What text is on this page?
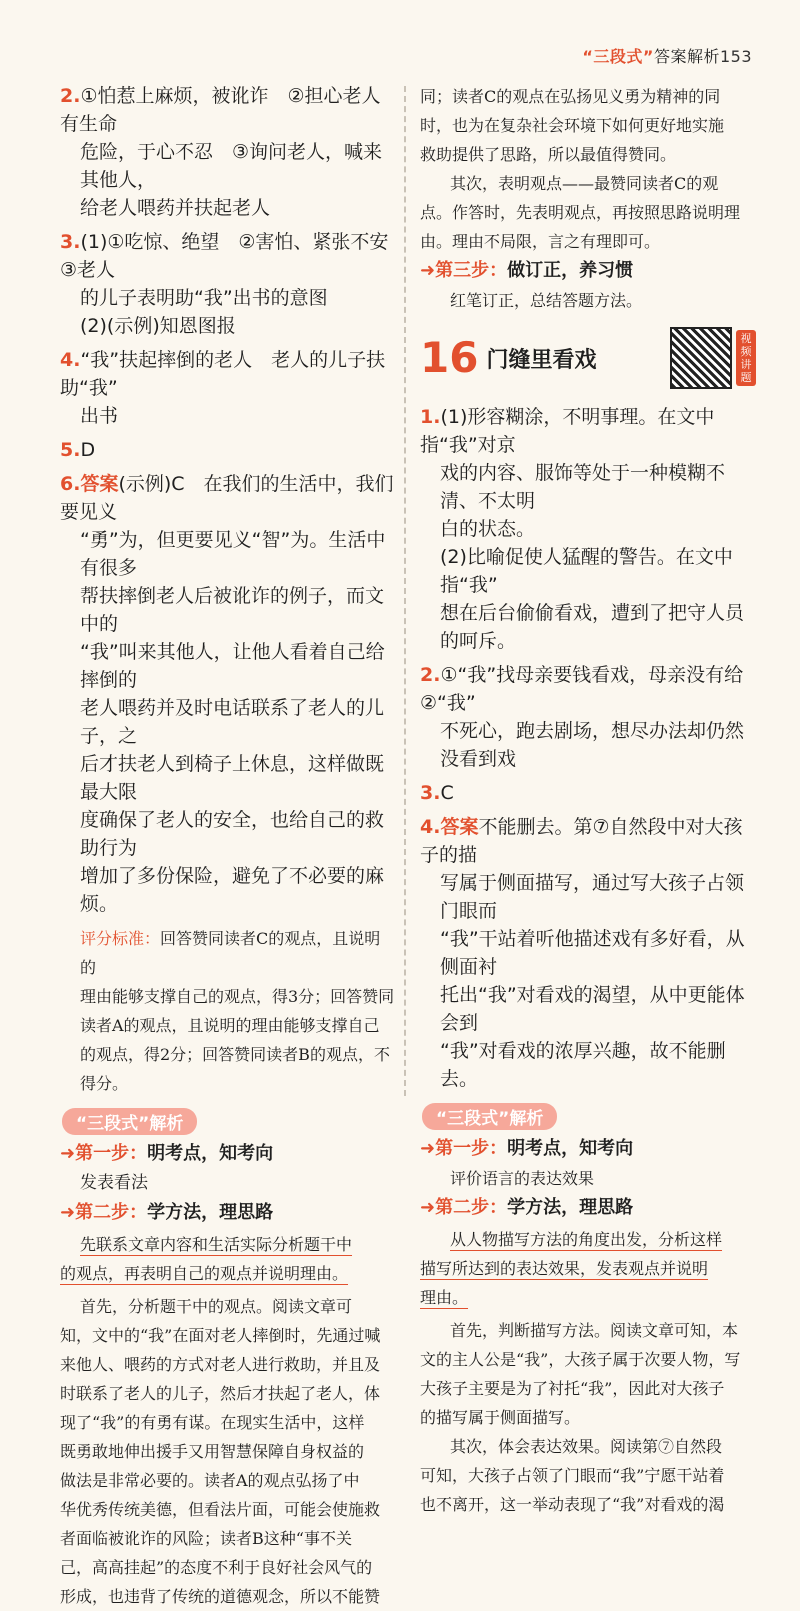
“三段式”答案解析153

2.①怕惹上麻烦，被讹诈　②担心老人有生命

危险，于心不忍　③询问老人，喊来其他人，

给老人喂药并扶起老人

3.(1)①吃惊、绝望　②害怕、紧张不安　③老人

的儿子表明助“我”出书的意图

(2)(示例)知恩图报

4.“我”扶起摔倒的老人　老人的儿子扶助“我”

出书

5.D

6.答案(示例)C　在我们的生活中，我们要见义

“勇”为，但更要见义“智”为。生活中有很多

帮扶摔倒老人后被讹诈的例子，而文中的

“我”叫来其他人，让他人看着自己给摔倒的

老人喂药并及时电话联系了老人的儿子，之

后才扶老人到椅子上休息，这样做既最大限

度确保了老人的安全，也给自己的救助行为

增加了多份保险，避免了不必要的麻烦。

评分标准：回答赞同读者C的观点，且说明的

理由能够支撑自己的观点，得3分；回答赞同

读者A的观点，且说明的理由能够支撑自己

的观点，得2分；回答赞同读者B的观点，不

得分。

“三段式”解析

➜第一步：明考点，知考向

发表看法

➜第二步：学方法，理思路

先联系文章内容和生活实际分析题干中

的观点，再表明自己的观点并说明理由。

首先，分析题干中的观点。阅读文章可

知，文中的“我”在面对老人摔倒时，先通过喊

来他人、喂药的方式对老人进行救助，并且及

时联系了老人的儿子，然后才扶起了老人，体

现了“我”的有勇有谋。在现实生活中，这样

既勇敢地伸出援手又用智慧保障自身权益的

做法是非常必要的。读者A的观点弘扬了中

华优秀传统美德，但看法片面，可能会使施救

者面临被讹诈的风险；读者B这种“事不关

己，高高挂起”的态度不利于良好社会风气的

形成，也违背了传统的道德观念，所以不能赞

同；读者C的观点在弘扬见义勇为精神的同

时，也为在复杂社会环境下如何更好地实施

救助提供了思路，所以最值得赞同。

其次，表明观点——最赞同读者C的观

点。作答时，先表明观点，再按照思路说明理

由。理由不局限，言之有理即可。

➜第三步：做订正，养习惯

红笔订正，总结答题方法。

16 门缝里看戏
视频讲题

1.(1)形容糊涂，不明事理。在文中指“我”对京

戏的内容、服饰等处于一种模糊不清、不太明

白的状态。

(2)比喻促使人猛醒的警告。在文中指“我”

想在后台偷偷看戏，遭到了把守人员的呵斥。

2.①“我”找母亲要钱看戏，母亲没有给　②“我”

不死心，跑去剧场，想尽办法却仍然没看到戏

3.C

4.答案不能删去。第⑦自然段中对大孩子的描

写属于侧面描写，通过写大孩子占领门眼而

“我”干站着听他描述戏有多好看，从侧面衬

托出“我”对看戏的渴望，从中更能体会到

“我”对看戏的浓厚兴趣，故不能删去。

“三段式”解析

➜第一步：明考点，知考向

评价语言的表达效果

➜第二步：学方法，理思路

从人物描写方法的角度出发，分析这样

描写所达到的表达效果，发表观点并说明

理由。

首先，判断描写方法。阅读文章可知，本

文的主人公是“我”，大孩子属于次要人物，写

大孩子主要是为了衬托“我”，因此对大孩子

的描写属于侧面描写。

其次，体会表达效果。阅读第⑦自然段

可知，大孩子占领了门眼而“我”宁愿干站着

也不离开，这一举动表现了“我”对看戏的渴
